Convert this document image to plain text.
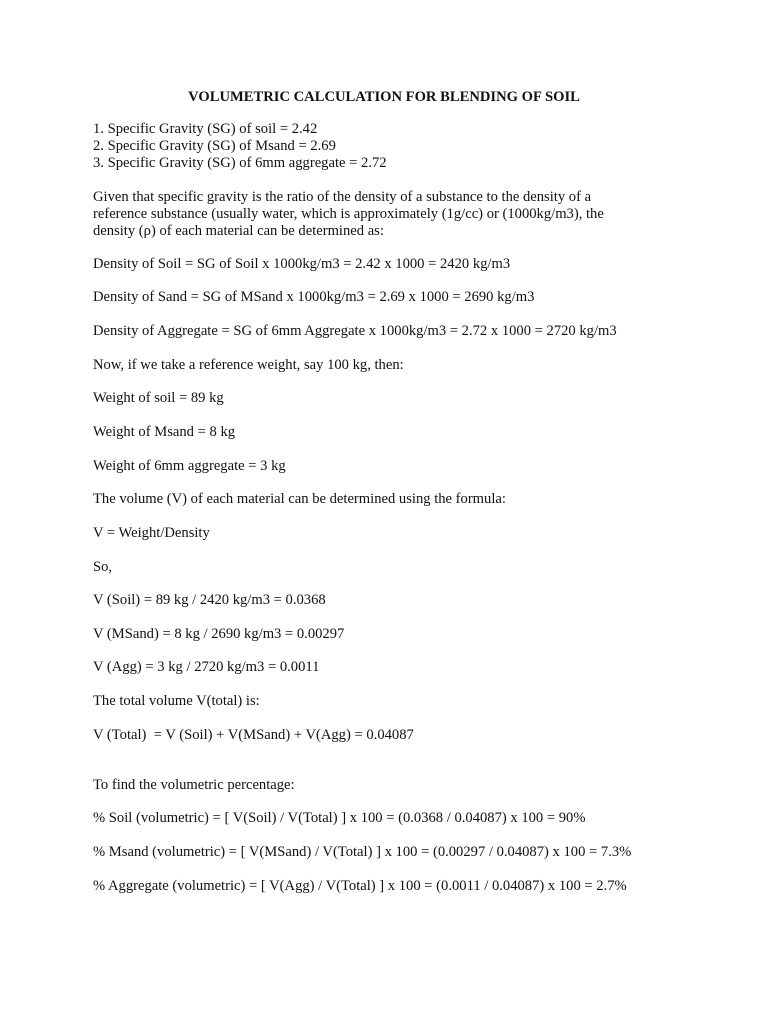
VOLUMETRIC CALCULATION FOR BLENDING OF SOIL
1. Specific Gravity (SG) of soil = 2.42
2. Specific Gravity (SG) of Msand = 2.69
3. Specific Gravity (SG) of 6mm aggregate = 2.72
Given that specific gravity is the ratio of the density of a substance to the density of a
reference substance (usually water, which is approximately (1g/cc) or (1000kg/m3), the
density (ρ) of each material can be determined as:
Density of Soil = SG of Soil x 1000kg/m3 = 2.42 x 1000 = 2420 kg/m3
Density of Sand = SG of MSand x 1000kg/m3 = 2.69 x 1000 = 2690 kg/m3
Density of Aggregate = SG of 6mm Aggregate x 1000kg/m3 = 2.72 x 1000 = 2720 kg/m3
Now, if we take a reference weight, say 100 kg, then:
Weight of soil = 89 kg
Weight of Msand = 8 kg
Weight of 6mm aggregate = 3 kg
The volume (V) of each material can be determined using the formula:
V = Weight/Density
So,
V (Soil) = 89 kg / 2420 kg/m3 = 0.0368
V (MSand) = 8 kg / 2690 kg/m3 = 0.00297
V (Agg) = 3 kg / 2720 kg/m3 = 0.0011
The total volume V(total) is:
V (Total)  = V (Soil) + V(MSand) + V(Agg) = 0.04087
To find the volumetric percentage:
% Soil (volumetric) = [ V(Soil) / V(Total) ] x 100 = (0.0368 / 0.04087) x 100 = 90%
% Msand (volumetric) = [ V(MSand) / V(Total) ] x 100 = (0.00297 / 0.04087) x 100 = 7.3%
% Aggregate (volumetric) = [ V(Agg) / V(Total) ] x 100 = (0.0011 / 0.04087) x 100 = 2.7%
